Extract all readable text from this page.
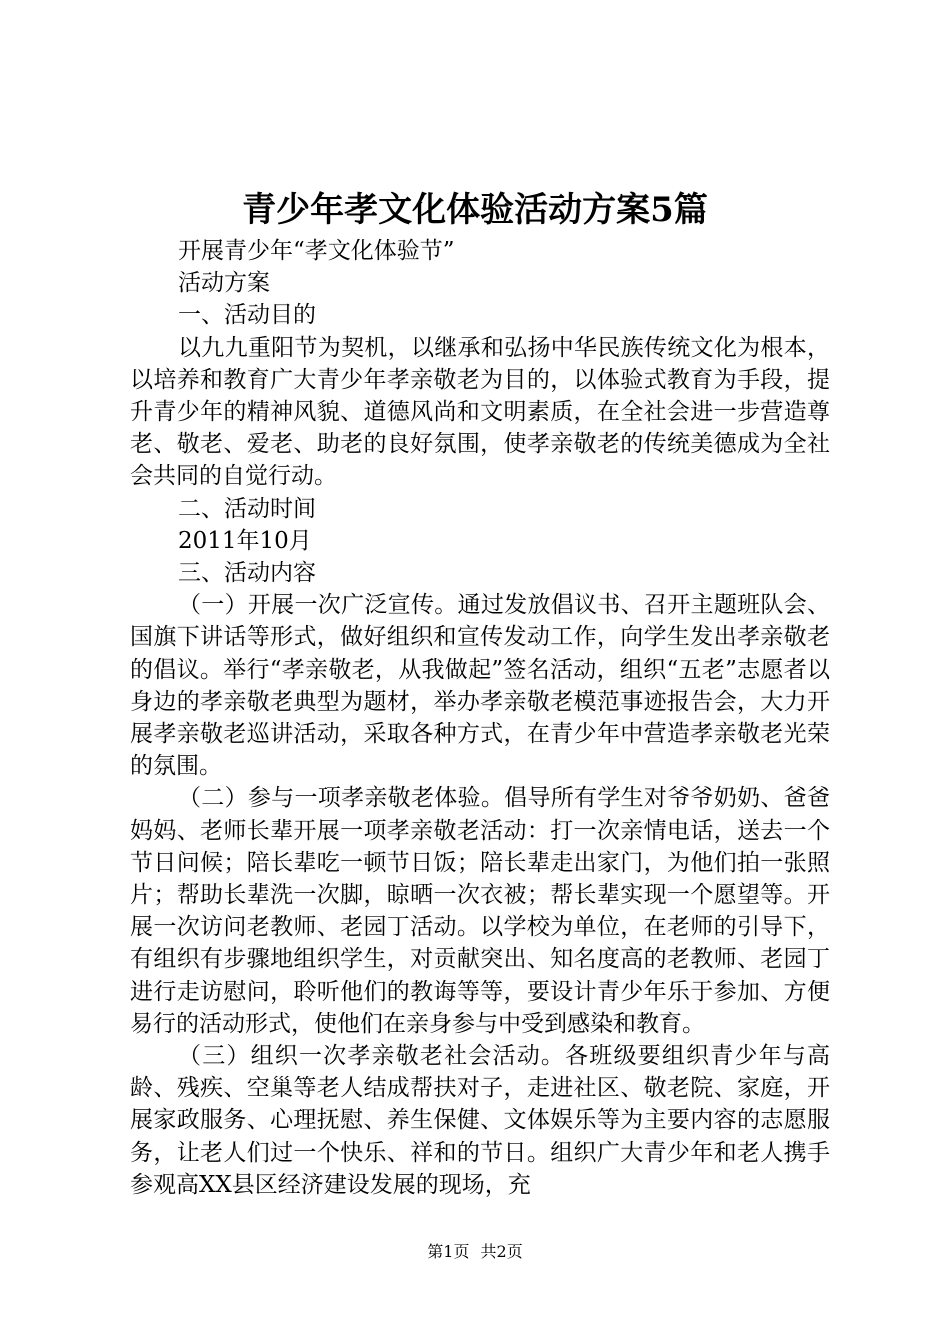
青少年孝文化体验活动方案5篇

开展青少年“孝文化体验节”

活动方案

一、活动目的

以九九重阳节为契机，以继承和弘扬中华民族传统文化为根本，以培养和教育广大青少年孝亲敬老为目的，以体验式教育为手段，提升青少年的精神风貌、道德风尚和文明素质，在全社会进一步营造尊老、敬老、爱老、助老的良好氛围，使孝亲敬老的传统美德成为全社会共同的自觉行动。

二、活动时间

2011年10月

三、活动内容

（一）开展一次广泛宣传。通过发放倡议书、召开主题班队会、国旗下讲话等形式，做好组织和宣传发动工作，向学生发出孝亲敬老的倡议。举行“孝亲敬老，从我做起”签名活动，组织“五老”志愿者以身边的孝亲敬老典型为题材，举办孝亲敬老模范事迹报告会，大力开展孝亲敬老巡讲活动，采取各种方式，在青少年中营造孝亲敬老光荣的氛围。

（二）参与一项孝亲敬老体验。倡导所有学生对爷爷奶奶、爸爸妈妈、老师长辈开展一项孝亲敬老活动：打一次亲情电话，送去一个节日问候；陪长辈吃一顿节日饭；陪长辈走出家门，为他们拍一张照片；帮助长辈洗一次脚，晾晒一次衣被；帮长辈实现一个愿望等。开展一次访问老教师、老园丁活动。以学校为单位，在老师的引导下，有组织有步骤地组织学生，对贡献突出、知名度高的老教师、老园丁进行走访慰问，聆听他们的教诲等等，要设计青少年乐于参加、方便易行的活动形式，使他们在亲身参与中受到感染和教育。

（三）组织一次孝亲敬老社会活动。各班级要组织青少年与高龄、残疾、空巢等老人结成帮扶对子，走进社区、敬老院、家庭，开展家政服务、心理抚慰、养生保健、文体娱乐等为主要内容的志愿服务，让老人们过一个快乐、祥和的节日。组织广大青少年和老人携手参观高XX县区经济建设发展的现场，充

第1页 共2页
